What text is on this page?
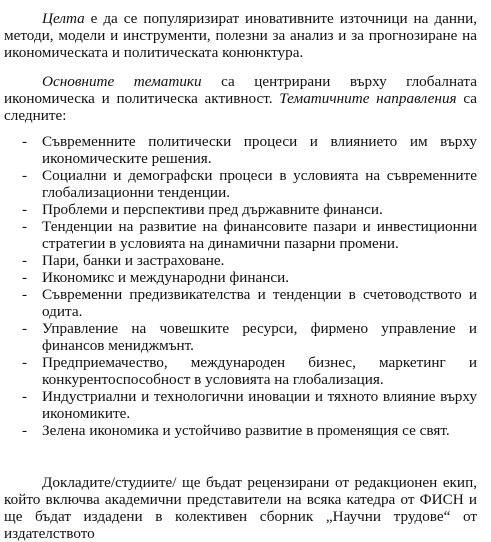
Целта е да се популяризират иновативните източници на данни, методи, модели и инструменти, полезни за анализ и за прогнозиране на икономическата и политическата конюнктура.

Основните тематики са центрирани върху глобалната икономическа и политическа активност. Тематичните направления са следните:

- Съвременните политически процеси и влиянието им върху икономическите решения.
- Социални и демографски процеси в условията на съвременните глобализационни тенденции.
- Проблеми и перспективи пред държавните финанси.
- Тенденции на развитие на финансовите пазари и инвестиционни стратегии в условията на динамични пазарни промени.
- Пари, банки и застраховане.
- Икономикс и международни финанси.
- Съвременни предизвикателства и тенденции в счетоводството и одита.
- Управление на човешките ресурси, фирмено управление и финансов мениджмънт.
- Предприемачество, международен бизнес, маркетинг и конкурентоспособност в условията на глобализация.
- Индустриални и технологични иновации и тяхното влияние върху икономиките.
- Зелена икономика и устойчиво развитие в променящия се свят.

Докладите/студиите/ ще бъдат рецензирани от редакционен екип, който включва академични представители на всяка катедра от ФИСН и ще бъдат издадени в колективен сборник „Научни трудове“ от издателството
